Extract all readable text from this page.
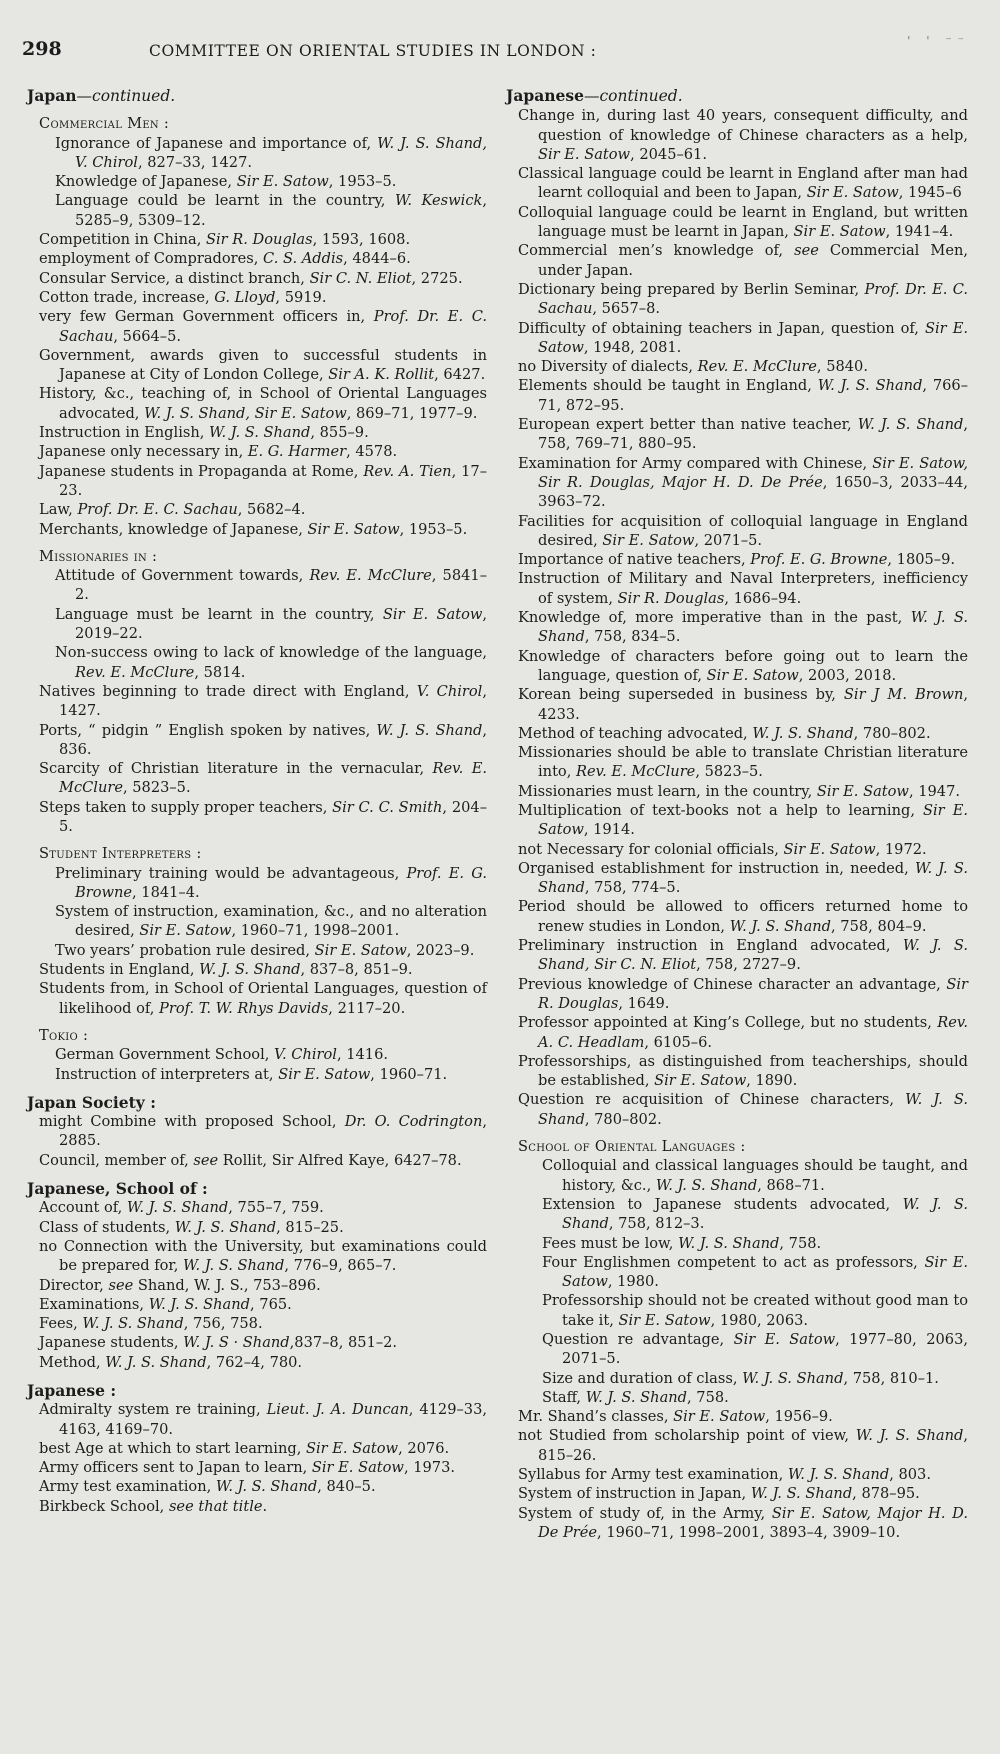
298	COMMITTEE ON ORIENTAL STUDIES IN LONDON :
' ' ⁻⁻
Japan—continued.
Commercial Men :
Ignorance of Japanese and importance of, W. J. S. Shand, V. Chirol, 827–33, 1427.
Knowledge of Japanese, Sir E. Satow, 1953–5.
Language could be learnt in the country, W. Keswick, 5285–9, 5309–12.
Competition in China, Sir R. Douglas, 1593, 1608.
employment of Compradores, C. S. Addis, 4844–6.
Consular Service, a distinct branch, Sir C. N. Eliot, 2725.
Cotton trade, increase, G. Lloyd, 5919.
very few German Government officers in, Prof. Dr. E. C. Sachau, 5664–5.
Government, awards given to successful students in Japanese at City of London College, Sir A. K. Rollit, 6427.
History, &c., teaching of, in School of Oriental Languages advocated, W. J. S. Shand, Sir E. Satow, 869–71, 1977–9.
Instruction in English, W. J. S. Shand, 855–9.
Japanese only necessary in, E. G. Harmer, 4578.
Japanese students in Propaganda at Rome, Rev. A. Tien, 17–23.
Law, Prof. Dr. E. C. Sachau, 5682–4.
Merchants, knowledge of Japanese, Sir E. Satow, 1953–5.
Missionaries in :
Attitude of Government towards, Rev. E. McClure, 5841–2.
Language must be learnt in the country, Sir E. Satow, 2019–22.
Non-success owing to lack of knowledge of the language, Rev. E. McClure, 5814.
Natives beginning to trade direct with England, V. Chirol, 1427.
Ports, “ pidgin ” English spoken by natives, W. J. S. Shand, 836.
Scarcity of Christian literature in the vernacular, Rev. E. McClure, 5823–5.
Steps taken to supply proper teachers, Sir C. C. Smith, 204–5.
Student Interpreters :
Preliminary training would be advantageous, Prof. E. G. Browne, 1841–4.
System of instruction, examination, &c., and no alteration desired, Sir E. Satow, 1960–71, 1998–2001.
Two years’ probation rule desired, Sir E. Satow, 2023–9.
Students in England, W. J. S. Shand, 837–8, 851–9.
Students from, in School of Oriental Languages, question of likelihood of, Prof. T. W. Rhys Davids, 2117–20.
Tokio :
German Government School, V. Chirol, 1416.
Instruction of interpreters at, Sir E. Satow, 1960–71.
Japan Society :
might Combine with proposed School, Dr. O. Codrington, 2885.
Council, member of, see Rollit, Sir Alfred Kaye, 6427–78.
Japanese, School of :
Account of, W. J. S. Shand, 755–7, 759.
Class of students, W. J. S. Shand, 815–25.
no Connection with the University, but examinations could be prepared for, W. J. S. Shand, 776–9, 865–7.
Director, see Shand, W. J. S., 753–896.
Examinations, W. J. S. Shand, 765.
Fees, W. J. S. Shand, 756, 758.
Japanese students, W. J. S · Shand,837–8, 851–2.
Method, W. J. S. Shand, 762–4, 780.
Japanese :
Admiralty system re training, Lieut. J. A. Duncan, 4129–33, 4163, 4169–70.
best Age at which to start learning, Sir E. Satow, 2076.
Army officers sent to Japan to learn, Sir E. Satow, 1973.
Army test examination, W. J. S. Shand, 840–5.
Birkbeck School, see that title.
Japanese—continued.
Change in, during last 40 years, consequent difficulty, and question of knowledge of Chinese characters as a help, Sir E. Satow, 2045–61.
Classical language could be learnt in England after man had learnt colloquial and been to Japan, Sir E. Satow, 1945–6
Colloquial language could be learnt in England, but written language must be learnt in Japan, Sir E. Satow, 1941–4.
Commercial men’s knowledge of, see Commercial Men, under Japan.
Dictionary being prepared by Berlin Seminar, Prof. Dr. E. C. Sachau, 5657–8.
Difficulty of obtaining teachers in Japan, question of, Sir E. Satow, 1948, 2081.
no Diversity of dialects, Rev. E. McClure, 5840.
Elements should be taught in England, W. J. S. Shand, 766–71, 872–95.
European expert better than native teacher, W. J. S. Shand, 758, 769–71, 880–95.
Examination for Army compared with Chinese, Sir E. Satow, Sir R. Douglas, Major H. D. De Prée, 1650–3, 2033–44, 3963–72.
Facilities for acquisition of colloquial language in England desired, Sir E. Satow, 2071–5.
Importance of native teachers, Prof. E. G. Browne, 1805–9.
Instruction of Military and Naval Interpreters, inefficiency of system, Sir R. Douglas, 1686–94.
Knowledge of, more imperative than in the past, W. J. S. Shand, 758, 834–5.
Knowledge of characters before going out to learn the language, question of, Sir E. Satow, 2003, 2018.
Korean being superseded in business by, Sir J M. Brown, 4233.
Method of teaching advocated, W. J. S. Shand, 780–802.
Missionaries should be able to translate Christian literature into, Rev. E. McClure, 5823–5.
Missionaries must learn, in the country, Sir E. Satow, 1947.
Multiplication of text-books not a help to learning, Sir E. Satow, 1914.
not Necessary for colonial officials, Sir E. Satow, 1972.
Organised establishment for instruction in, needed, W. J. S. Shand, 758, 774–5.
Period should be allowed to officers returned home to renew studies in London, W. J. S. Shand, 758, 804–9.
Preliminary instruction in England advocated, W. J. S. Shand, Sir C. N. Eliot, 758, 2727–9.
Previous knowledge of Chinese character an advantage, Sir R. Douglas, 1649.
Professor appointed at King’s College, but no students, Rev. A. C. Headlam, 6105–6.
Professorships, as distinguished from teacherships, should be established, Sir E. Satow, 1890.
Question re acquisition of Chinese characters, W. J. S. Shand, 780–802.
School of Oriental Languages :
Colloquial and classical languages should be taught, and history, &c., W. J. S. Shand, 868–71.
Extension to Japanese students advocated, W. J. S. Shand, 758, 812–3.
Fees must be low, W. J. S. Shand, 758.
Four Englishmen competent to act as professors, Sir E. Satow, 1980.
Professorship should not be created without good man to take it, Sir E. Satow, 1980, 2063.
Question re advantage, Sir E. Satow, 1977–80, 2063, 2071–5.
Size and duration of class, W. J. S. Shand, 758, 810–1.
Staff, W. J. S. Shand, 758.
Mr. Shand’s classes, Sir E. Satow, 1956–9.
not Studied from scholarship point of view, W. J. S. Shand, 815–26.
Syllabus for Army test examination, W. J. S. Shand, 803.
System of instruction in Japan, W. J. S. Shand, 878–95.
System of study of, in the Army, Sir E. Satow, Major H. D. De Prée, 1960–71, 1998–2001, 3893–4, 3909–10.
